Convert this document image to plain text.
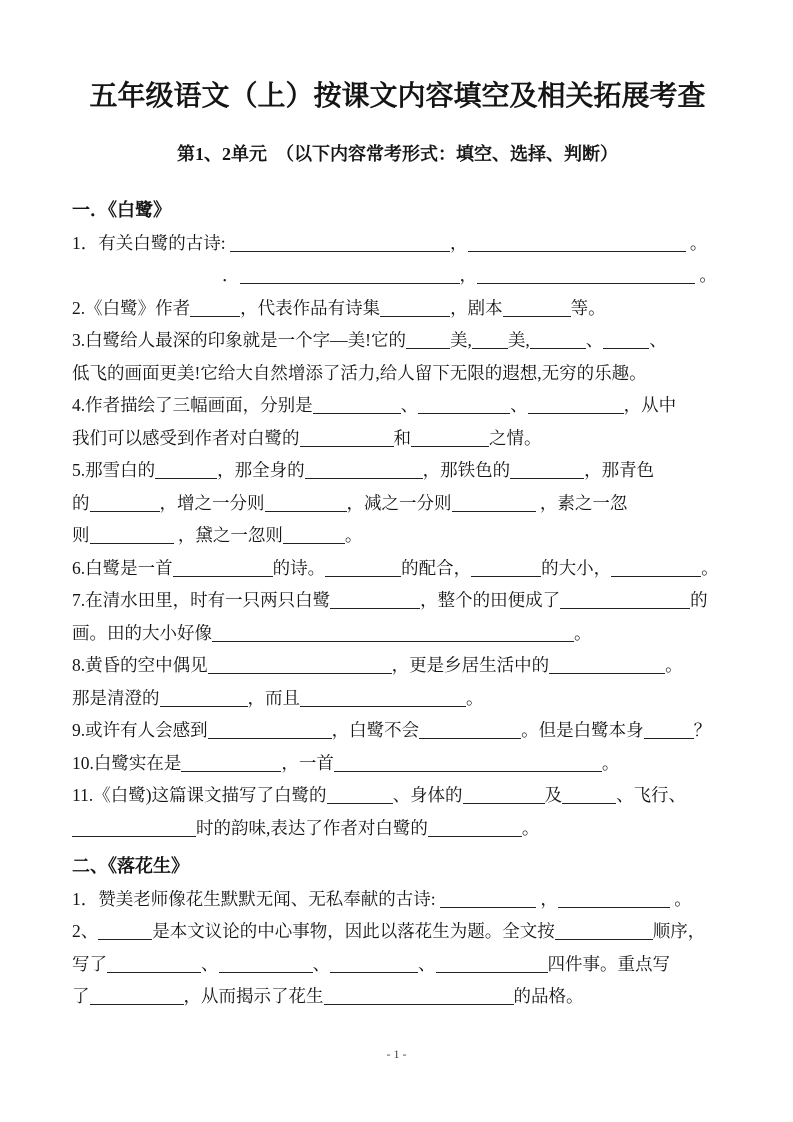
五年级语文（上）按课文内容填空及相关拓展考查
第1、2单元　（以下内容常考形式：填空、选择、判断）
一．《白鹭》

1．有关白鹭的古诗:	，	。

．	，	。

2.《白鹭》作者	，代表作品有诗集	，剧本	等。

3.白鹭给人最深的印象就是一个字—美!它的	美, 美,	、	、
低飞的画面更美!它给大自然增添了活力,给人留下无限的遐想,无穷的乐趣。

4.作者描绘了三幅画面，分别是	、	、	，从中
我们可以感受到作者对白鹭的	和	之情。

5.那雪白的	，那全身的	，那铁色的	，那青色
的	，增之一分则	，减之一分则	，素之一忽
则	，黛之一忽则	。

6.白鹭是一首	的诗。	的配合，	的大小，	。

7.在清水田里，时有一只两只白鹭	，整个的田便成了	的
画。田的大小好像	。

8.黄昏的空中偶见	，更是乡居生活中的	。
那是清澄的	，而且	。

9.或许有人会感到	，白鹭不会	。但是白鹭本身	？

10.白鹭实在是	，一首	。

11.《白鹭)这篇课文描写了白鹭的	、身体的	及	、飞行、
时的韵味,表达了作者对白鹭的	。

二、《落花生》

1．赞美老师像花生默默无闻、无私奉献的古诗:	，	。

2、	是本文议论的中心事物，因此以落花生为题。全文按	顺序，
写了	、	、	、	四件事。重点写
了	，从而揭示了花生	的品格。

- 1 -
